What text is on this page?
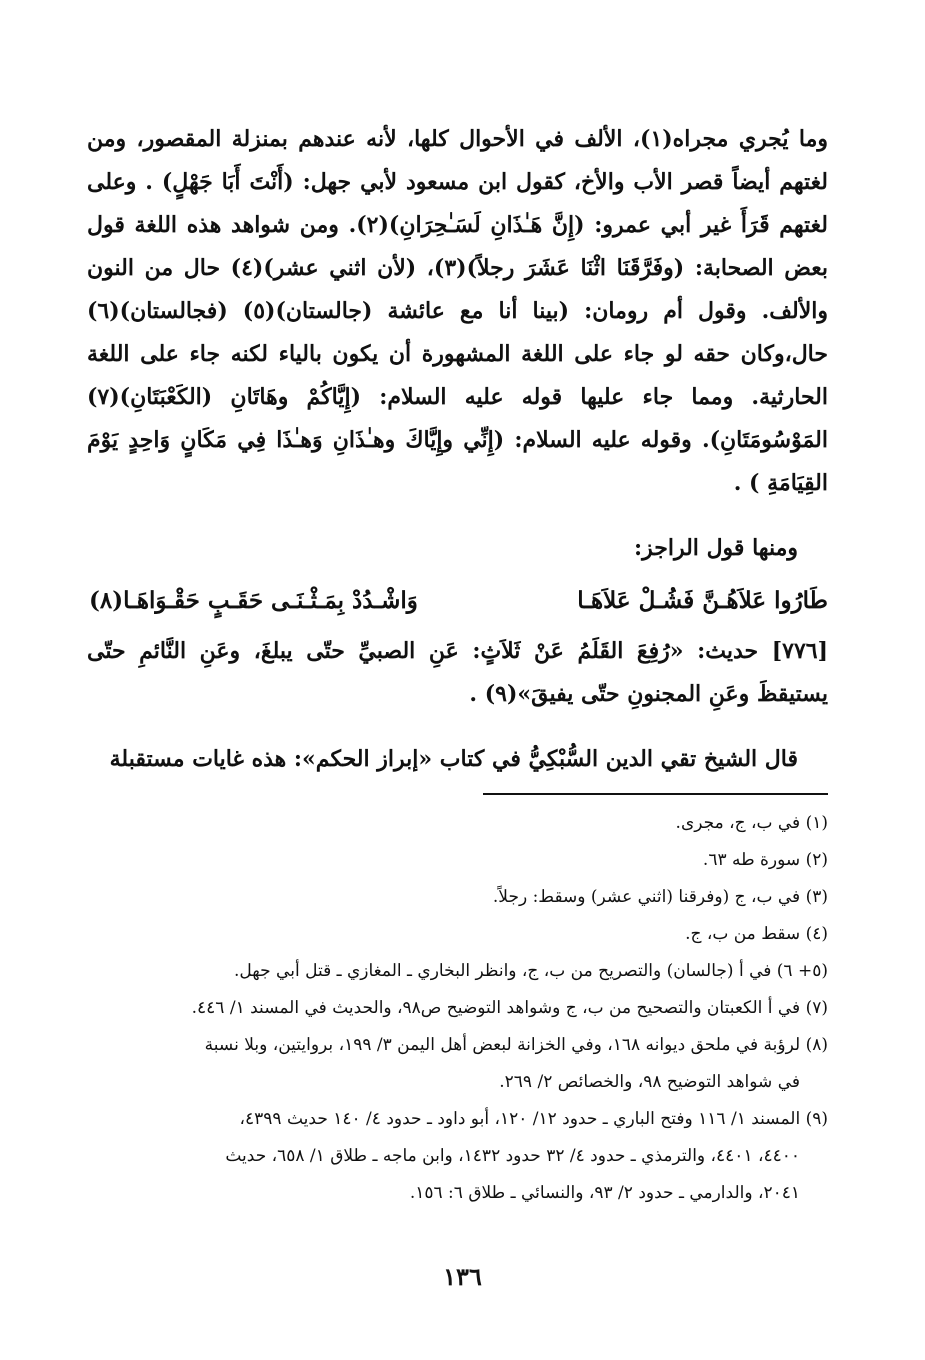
وما يُجري مجراه(١)، الألف في الأحوال كلها، لأنه عندهم بمنزلة المقصور، ومن لغتهم أيضاً قصر الأب والأخ، كقول ابن مسعود لأبي جهل: (أَنْتَ أَبَا جَهْلٍ) . وعلى لغتهم قَرَأَ غير أبي عمرو: (إِنَّ هَـٰذَانِ لَسَـٰحِرَانِ)(٢). ومن شواهد هذه اللغة قول بعض الصحابة: (وفَرَّقَنَا اثْنَا عَشَرَ رجلاً)(٣)، (لأن اثني عشر)(٤) حال من النون والألف. وقول أم رومان: (بينا أنا مع عائشة (جالستان)(٥) (فجالستان)(٦) حال،وكان حقه لو جاء على اللغة المشهورة أن يكون بالياء لكنه جاء على اللغة الحارثية. ومما جاء عليها قوله عليه السلام: (إِيَّاكُمْ وهَاتَانِ (الكَعْبَتَانِ)(٧) المَوْسُومَتَانِ). وقوله عليه السلام: (إِنِّي وإِيَّاكَ وهـٰذَانِ وَهـٰذَا فِي مَكَانٍ وَاحِدٍ يَوْمَ القِيَامَةِ ) .

ومنها قول الراجز:

طَارُوا عَلاَهُـنَّ فَشُـلْ عَلاَهَـا
وَاشْـدُدْ بِمَـثْـنَـى حَقَـبٍ حَقْـوَاهَـا(٨)

[٧٧٦] حديث: «رُفِعَ القَلَمُ عَنْ ثَلاَثٍ: عَنِ الصبيِّ حتّى يبلغَ، وعَنِ النَّائمِ حتّى يستيقظَ وعَنِ المجنونِ حتّى يفيقَ»(٩) .

قال الشيخ تقي الدين السُّبْكِيُّ في كتاب «إبراز الحكم»: هذه غايات مستقبلة

(١) في ب، ج، مجرى.

(٢) سورة طه ٦٣.

(٣) في ب، ج (وفرقنا (اثني عشر) وسقط: رجلاً.

(٤) سقط من ب، ج.

(٥+ ٦) في أ (جالسان) والتصريح من ب، ج، وانظر البخاري ـ المغازي ـ قتل أبي جهل.

(٧) في أ الكعبتان والتصحيح من ب، ج وشواهد التوضيح ص٩٨، والحديث في المسند ١/ ٤٤٦.

(٨) لرؤبة في ملحق ديوانه ١٦٨، وفي الخزانة لبعض أهل اليمن ٣/ ١٩٩، بروايتين، وبلا نسبة

في شواهد التوضيح ٩٨، والخصائص ٢/ ٢٦٩.

(٩) المسند ١/ ١١٦ وفتح الباري ـ حدود ١٢/ ١٢٠، أبو داود ـ حدود ٤/ ١٤٠ حديث ٤٣٩٩،

٤٤٠٠، ٤٤٠١، والترمذي ـ حدود ٤/ ٣٢ حدود ١٤٣٢، وابن ماجه ـ طلاق ١/ ٦٥٨، حديث

٢٠٤١، والدارمي ـ حدود ٢/ ٩٣، والنسائي ـ طلاق ٦: ١٥٦.

١٣٦
